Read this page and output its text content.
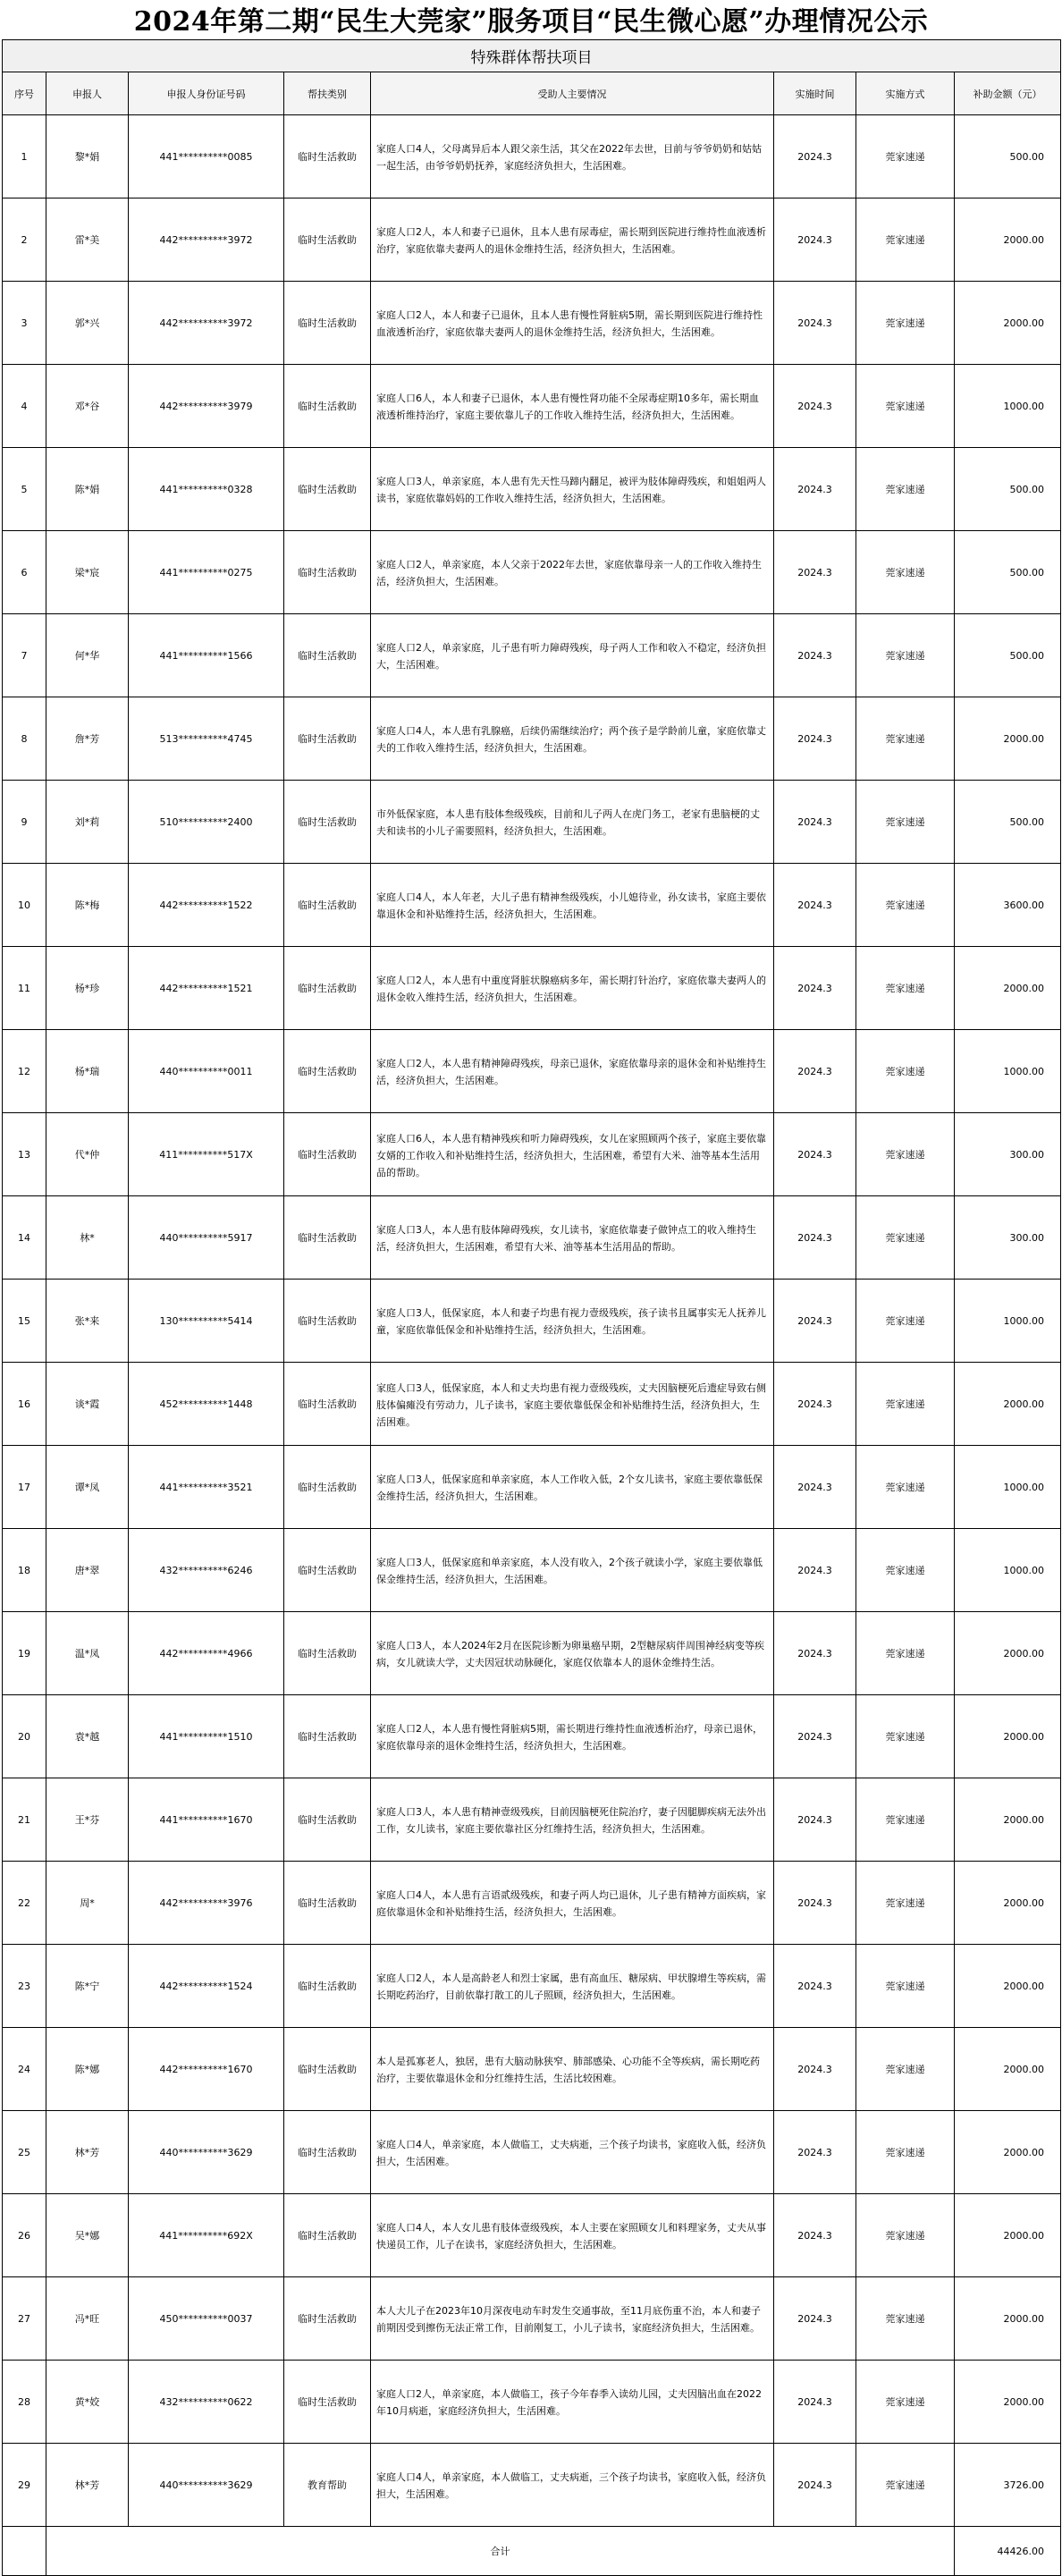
2024年第二期“民生大莞家”服务项目“民生微心愿”办理情况公示
特殊群体帮扶项目							
序号	申报人	申报人身份证号码	帮扶类别	受助人主要情况	实施时间	实施方式	补助金额（元）
1	黎*娟	441**********0085	临时生活救助	家庭人口4人，父母离异后本人跟父亲生活，其父在2022年去世，目前与爷爷奶奶和姑姑一起生活，由爷爷奶奶抚养，家庭经济负担大，生活困难。	2024.3	莞家速递	500.00
2	雷*美	442**********3972	临时生活救助	家庭人口2人，本人和妻子已退休，且本人患有尿毒症，需长期到医院进行维持性血液透析治疗，家庭依靠夫妻两人的退休金维持生活，经济负担大，生活困难。	2024.3	莞家速递	2000.00
3	郭*兴	442**********3972	临时生活救助	家庭人口2人，本人和妻子已退休，且本人患有慢性肾脏病5期，需长期到医院进行维持性血液透析治疗，家庭依靠夫妻两人的退休金维持生活，经济负担大，生活困难。	2024.3	莞家速递	2000.00
4	邓*谷	442**********3979	临时生活救助	家庭人口6人，本人和妻子已退休，本人患有慢性肾功能不全尿毒症期10多年，需长期血液透析维持治疗，家庭主要依靠儿子的工作收入维持生活，经济负担大，生活困难。	2024.3	莞家速递	1000.00
5	陈*娟	441**********0328	临时生活救助	家庭人口3人，单亲家庭，本人患有先天性马蹄内翻足，被评为肢体障碍残疾，和姐姐两人读书，家庭依靠妈妈的工作收入维持生活，经济负担大，生活困难。	2024.3	莞家速递	500.00
6	梁*宸	441**********0275	临时生活救助	家庭人口2人，单亲家庭，本人父亲于2022年去世，家庭依靠母亲一人的工作收入维持生活，经济负担大，生活困难。	2024.3	莞家速递	500.00
7	何*华	441**********1566	临时生活救助	家庭人口2人，单亲家庭，儿子患有听力障碍残疾，母子两人工作和收入不稳定，经济负担大，生活困难。	2024.3	莞家速递	500.00
8	詹*芳	513**********4745	临时生活救助	家庭人口4人，本人患有乳腺癌，后续仍需继续治疗；两个孩子是学龄前儿童，家庭依靠丈夫的工作收入维持生活，经济负担大，生活困难。	2024.3	莞家速递	2000.00
9	刘*莉	510**********2400	临时生活救助	市外低保家庭，本人患有肢体叁级残疾，目前和儿子两人在虎门务工，老家有患脑梗的丈夫和读书的小儿子需要照料，经济负担大，生活困难。	2024.3	莞家速递	500.00
10	陈*梅	442**********1522	临时生活救助	家庭人口4人，本人年老，大儿子患有精神叁级残疾，小儿媳待业，孙女读书，家庭主要依靠退休金和补贴维持生活，经济负担大，生活困难。	2024.3	莞家速递	3600.00
11	杨*珍	442**********1521	临时生活救助	家庭人口2人，本人患有中重度肾脏状腺癌病多年，需长期打针治疗，家庭依靠夫妻两人的退休金收入维持生活，经济负担大，生活困难。	2024.3	莞家速递	2000.00
12	杨*瑞	440**********0011	临时生活救助	家庭人口2人，本人患有精神障碍残疾，母亲已退休，家庭依靠母亲的退休金和补贴维持生活，经济负担大，生活困难。	2024.3	莞家速递	1000.00
13	代*仲	411**********517X	临时生活救助	家庭人口6人，本人患有精神残疾和听力障碍残疾，女儿在家照顾两个孩子，家庭主要依靠女婿的工作收入和补贴维持生活，经济负担大，生活困难，希望有大米、油等基本生活用品的帮助。	2024.3	莞家速递	300.00
14	林*	440**********5917	临时生活救助	家庭人口3人，本人患有肢体障碍残疾，女儿读书，家庭依靠妻子做钟点工的收入维持生活，经济负担大，生活困难，希望有大米、油等基本生活用品的帮助。	2024.3	莞家速递	300.00
15	张*来	130**********5414	临时生活救助	家庭人口3人，低保家庭，本人和妻子均患有视力壹级残疾，孩子读书且属事实无人抚养儿童，家庭依靠低保金和补贴维持生活，经济负担大，生活困难。	2024.3	莞家速递	1000.00
16	谈*霞	452**********1448	临时生活救助	家庭人口3人，低保家庭，本人和丈夫均患有视力壹级残疾，丈夫因脑梗死后遗症导致右侧肢体偏瘫没有劳动力，儿子读书，家庭主要依靠低保金和补贴维持生活，经济负担大，生活困难。	2024.3	莞家速递	2000.00
17	谭*凤	441**********3521	临时生活救助	家庭人口3人，低保家庭和单亲家庭，本人工作收入低，2个女儿读书，家庭主要依靠低保金维持生活，经济负担大，生活困难。	2024.3	莞家速递	1000.00
18	唐*翠	432**********6246	临时生活救助	家庭人口3人，低保家庭和单亲家庭，本人没有收入，2个孩子就读小学，家庭主要依靠低保金维持生活，经济负担大，生活困难。	2024.3	莞家速递	1000.00
19	温*凤	442**********4966	临时生活救助	家庭人口3人，本人2024年2月在医院诊断为卵巢癌早期，2型糖尿病伴周围神经病变等疾病，女儿就读大学，丈夫因冠状动脉硬化，家庭仅依靠本人的退休金维持生活。	2024.3	莞家速递	2000.00
20	袁*越	441**********1510	临时生活救助	家庭人口2人，本人患有慢性肾脏病5期，需长期进行维持性血液透析治疗，母亲已退休，家庭依靠母亲的退休金维持生活，经济负担大，生活困难。	2024.3	莞家速递	2000.00
21	王*芬	441**********1670	临时生活救助	家庭人口3人，本人患有精神壹级残疾，目前因脑梗死住院治疗，妻子因腿脚疾病无法外出工作，女儿读书，家庭主要依靠社区分红维持生活，经济负担大，生活困难。	2024.3	莞家速递	2000.00
22	周*	442**********3976	临时生活救助	家庭人口4人，本人患有言语贰级残疾，和妻子两人均已退休，儿子患有精神方面疾病，家庭依靠退休金和补贴维持生活，经济负担大，生活困难。	2024.3	莞家速递	2000.00
23	陈*宁	442**********1524	临时生活救助	家庭人口2人，本人是高龄老人和烈士家属，患有高血压、糖尿病、甲状腺增生等疾病，需长期吃药治疗，目前依靠打散工的儿子照顾，经济负担大，生活困难。	2024.3	莞家速递	2000.00
24	陈*娜	442**********1670	临时生活救助	本人是孤寡老人，独居，患有大脑动脉狭窄、肺部感染、心功能不全等疾病，需长期吃药治疗，主要依靠退休金和分红维持生活，生活比较困难。	2024.3	莞家速递	2000.00
25	林*芳	440**********3629	临时生活救助	家庭人口4人，单亲家庭，本人做临工，丈夫病逝，三个孩子均读书，家庭收入低，经济负担大，生活困难。	2024.3	莞家速递	2000.00
26	吴*娜	441**********692X	临时生活救助	家庭人口4人，本人女儿患有肢体壹级残疾，本人主要在家照顾女儿和料理家务，丈夫从事快递员工作，儿子在读书，家庭经济负担大，生活困难。	2024.3	莞家速递	2000.00
27	冯*旺	450**********0037	临时生活救助	本人大儿子在2023年10月深夜电动车时发生交通事故，至11月底伤重不治，本人和妻子前期因受到擦伤无法正常工作，目前刚复工，小儿子读书，家庭经济负担大，生活困难。	2024.3	莞家速递	2000.00
28	黄*姣	432**********0622	临时生活救助	家庭人口2人，单亲家庭，本人做临工，孩子今年春季入读幼儿园，丈夫因脑出血在2022年10月病逝，家庭经济负担大，生活困难。	2024.3	莞家速递	2000.00
29	林*芳	440**********3629	教育帮助	家庭人口4人，单亲家庭，本人做临工，丈夫病逝，三个孩子均读书，家庭收入低，经济负担大，生活困难。	2024.3	莞家速递	3726.00
	合计						44426.00
